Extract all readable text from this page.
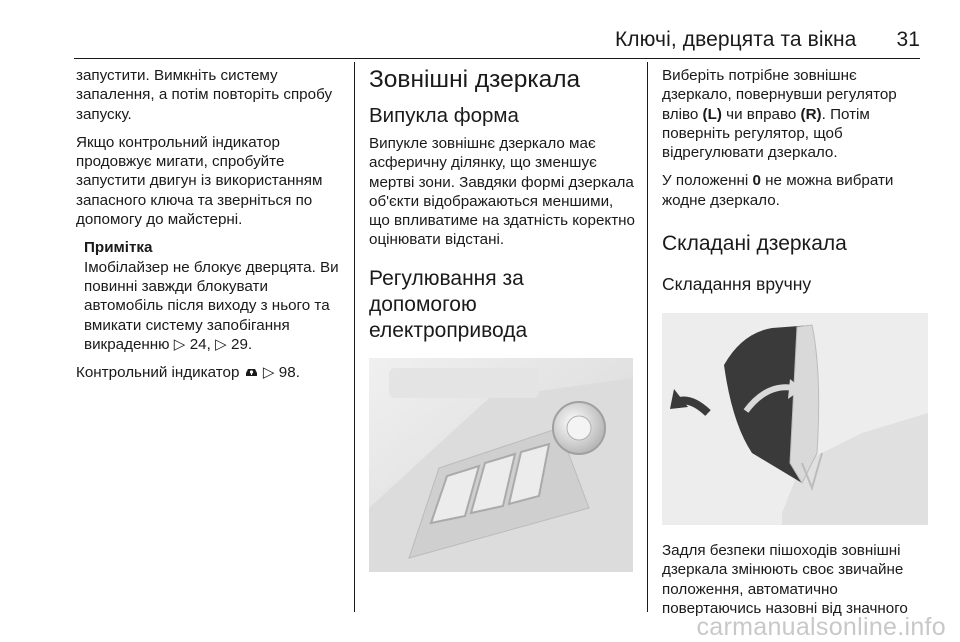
Ключі, дверцята та вікна 31

запустити. Вимкніть систему запалення, а потім повторіть спробу запуску.

Якщо контрольний індикатор продовжує мигати, спробуйте запустити двигун із використанням запасного ключа та зверніться по допомогу до майстерні.

Примітка
Імобілайзер не блокує дверцята. Ви повинні завжди блокувати автомобіль після виходу з нього та вмикати систему запобігання викраденню ▷ 24, ▷ 29.

Контрольний індикатор  ▷ 98.

Зовнішні дзеркала
Випукла форма

Випукле зовнішнє дзеркало має асферичну ділянку, що зменшує мертві зони. Завдяки формі дзеркала об'єкти відображаються меншими, що впливатиме на здатність коректно оцінювати відстані.

Регулювання за допомогою електропривода

Виберіть потрібне зовнішнє дзеркало, повернувши регулятор вліво (L) чи вправо (R). Потім поверніть регулятор, щоб відрегулювати дзеркало.

У положенні 0 не можна вибрати жодне дзеркало.

Складані дзеркала
Складання вручну

Задля безпеки пішоходів зовнішні дзеркала змінюють своє звичайне положення, автоматично повертаючись назовні від значного

carmanualsonline.info
